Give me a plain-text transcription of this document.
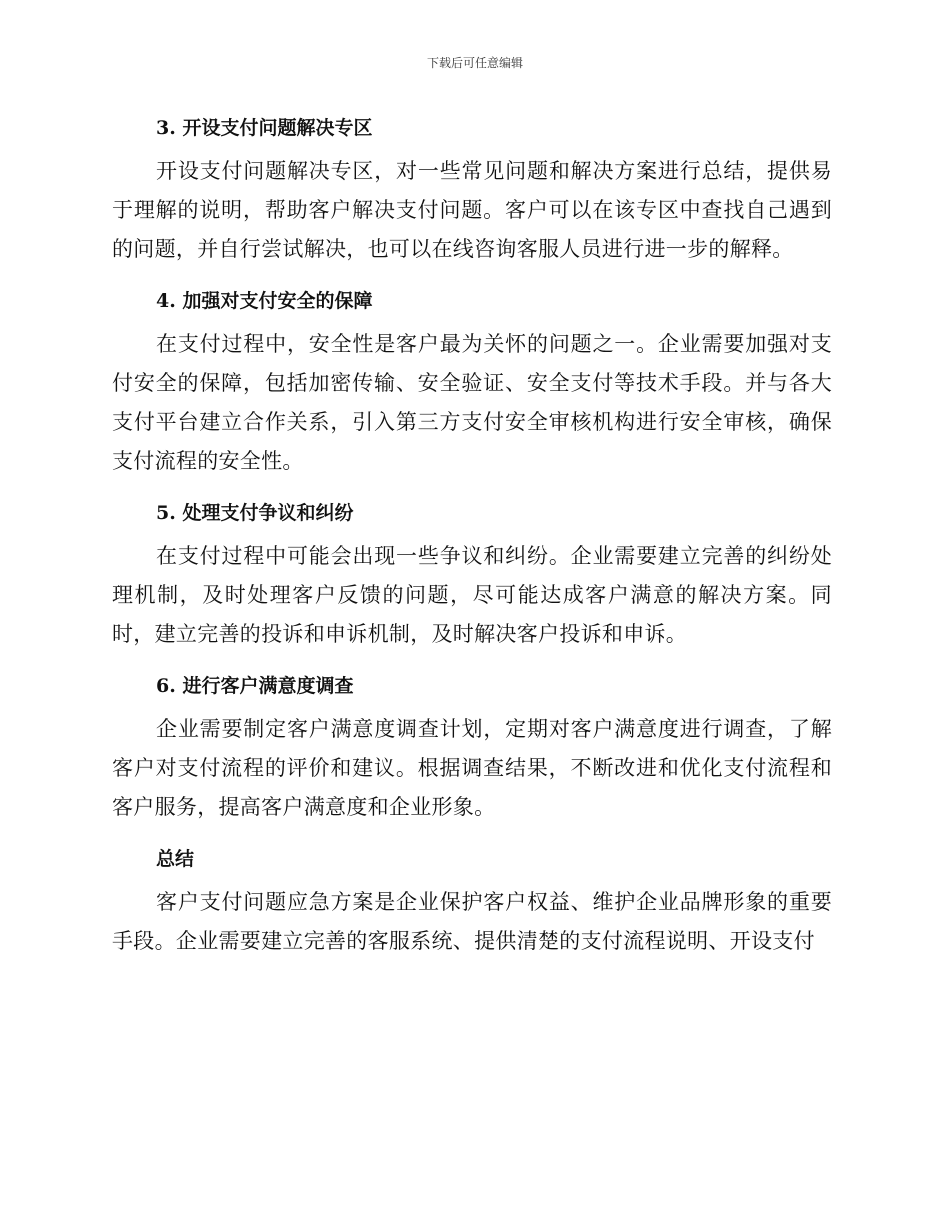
下载后可任意编辑
3. 开设支付问题解决专区

开设支付问题解决专区，对一些常见问题和解决方案进行总结，提供易于理解的说明，帮助客户解决支付问题。客户可以在该专区中查找自己遇到的问题，并自行尝试解决，也可以在线咨询客服人员进行进一步的解释。

4. 加强对支付安全的保障

在支付过程中，安全性是客户最为关怀的问题之一。企业需要加强对支付安全的保障，包括加密传输、安全验证、安全支付等技术手段。并与各大支付平台建立合作关系，引入第三方支付安全审核机构进行安全审核，确保支付流程的安全性。

5. 处理支付争议和纠纷

在支付过程中可能会出现一些争议和纠纷。企业需要建立完善的纠纷处理机制，及时处理客户反馈的问题，尽可能达成客户满意的解决方案。同时，建立完善的投诉和申诉机制，及时解决客户投诉和申诉。

6. 进行客户满意度调查

企业需要制定客户满意度调查计划，定期对客户满意度进行调查，了解客户对支付流程的评价和建议。根据调查结果，不断改进和优化支付流程和客户服务，提高客户满意度和企业形象。

总结

客户支付问题应急方案是企业保护客户权益、维护企业品牌形象的重要手段。企业需要建立完善的客服系统、提供清楚的支付流程说明、开设支付
